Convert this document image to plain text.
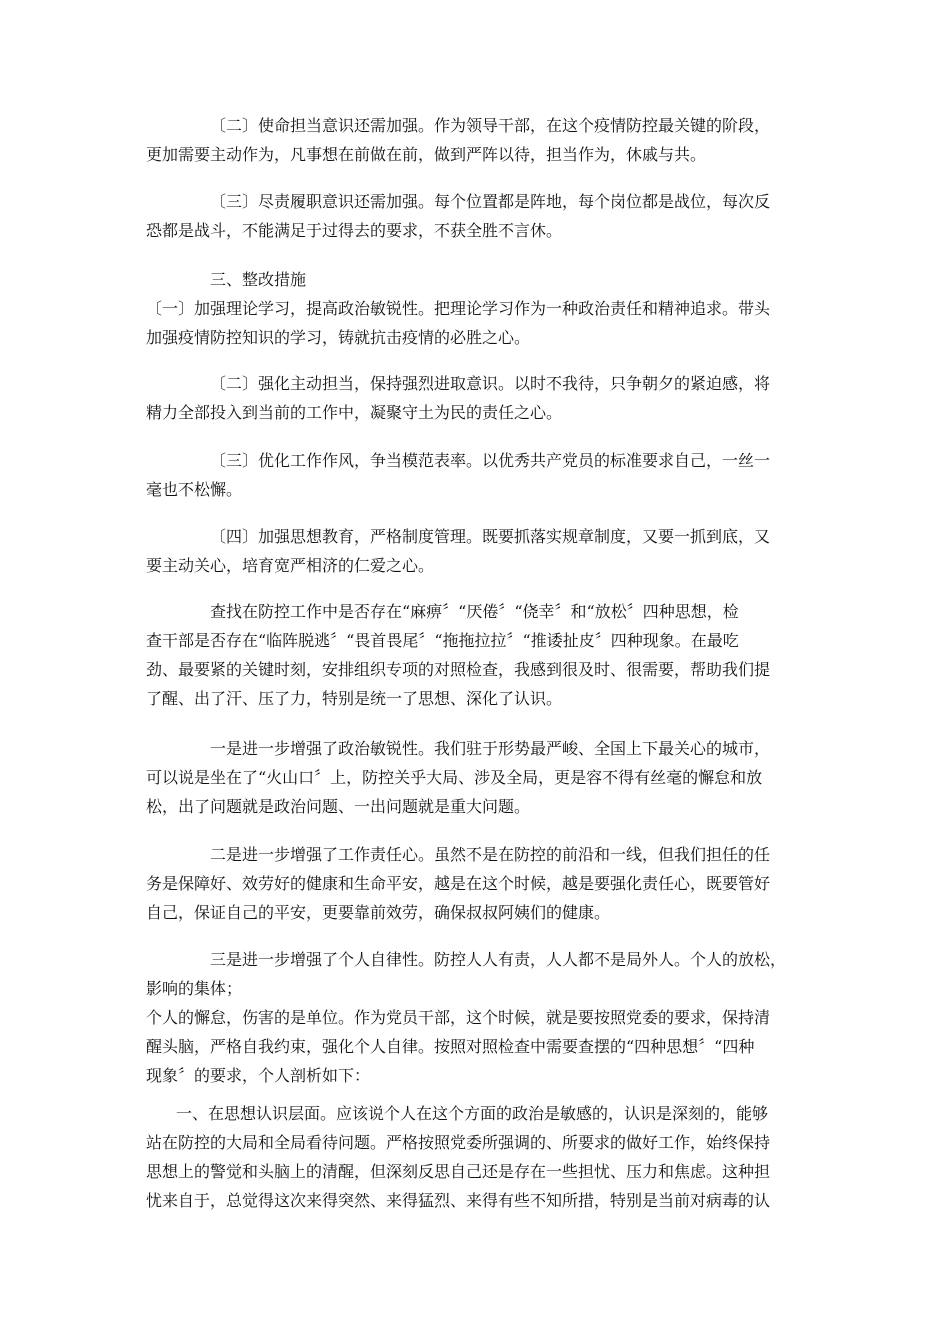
〔二〕使命担当意识还需加强。作为领导干部，在这个疫情防控最关键的阶段，
更加需要主动作为，凡事想在前做在前，做到严阵以待，担当作为，休戚与共。
〔三〕尽责履职意识还需加强。每个位置都是阵地，每个岗位都是战位，每次反
恐都是战斗，不能满足于过得去的要求，不获全胜不言休。
三、整改措施
〔一〕加强理论学习，提高政治敏锐性。把理论学习作为一种政治责任和精神追求。带头
加强疫情防控知识的学习，铸就抗击疫情的必胜之心。
〔二〕强化主动担当，保持强烈进取意识。以时不我待，只争朝夕的紧迫感，将
精力全部投入到当前的工作中，凝聚守土为民的责任之心。
〔三〕优化工作作风，争当模范表率。以优秀共产党员的标准要求自己，一丝一
毫也不松懈。
〔四〕加强思想教育，严格制度管理。既要抓落实规章制度，又要一抓到底，又
要主动关心，培育宽严相济的仁爱之心。
查找在防控工作中是否存在“麻痹〞“厌倦〞“侥幸〞和“放松〞四种思想，检
查干部是否存在“临阵脱逃〞“畏首畏尾〞“拖拖拉拉〞“推诿扯皮〞四种现象。在最吃
劲、最要紧的关键时刻，安排组织专项的对照检查，我感到很及时、很需要，帮助我们提
了醒、出了汗、压了力，特别是统一了思想、深化了认识。
一是进一步增强了政治敏锐性。我们驻于形势最严峻、全国上下最关心的城市，
可以说是坐在了“火山口〞上，防控关乎大局、涉及全局，更是容不得有丝毫的懈怠和放
松，出了问题就是政治问题、一出问题就是重大问题。
二是进一步增强了工作责任心。虽然不是在防控的前沿和一线，但我们担任的任
务是保障好、效劳好的健康和生命平安，越是在这个时候，越是要强化责任心，既要管好
自己，保证自己的平安，更要靠前效劳，确保叔叔阿姨们的健康。
三是进一步增强了个人自律性。防控人人有责，人人都不是局外人。个人的放松，
影响的集体；
个人的懈怠，伤害的是单位。作为党员干部，这个时候，就是要按照党委的要求，保持清
醒头脑，严格自我约束，强化个人自律。按照对照检查中需要查摆的“四种思想〞“四种
现象〞的要求，个人剖析如下：
一、在思想认识层面。应该说个人在这个方面的政治是敏感的，认识是深刻的，能够
站在防控的大局和全局看待问题。严格按照党委所强调的、所要求的做好工作，始终保持
思想上的警觉和头脑上的清醒，但深刻反思自己还是存在一些担忧、压力和焦虑。这种担
忧来自于，总觉得这次来得突然、来得猛烈、来得有些不知所措，特别是当前对病毒的认
